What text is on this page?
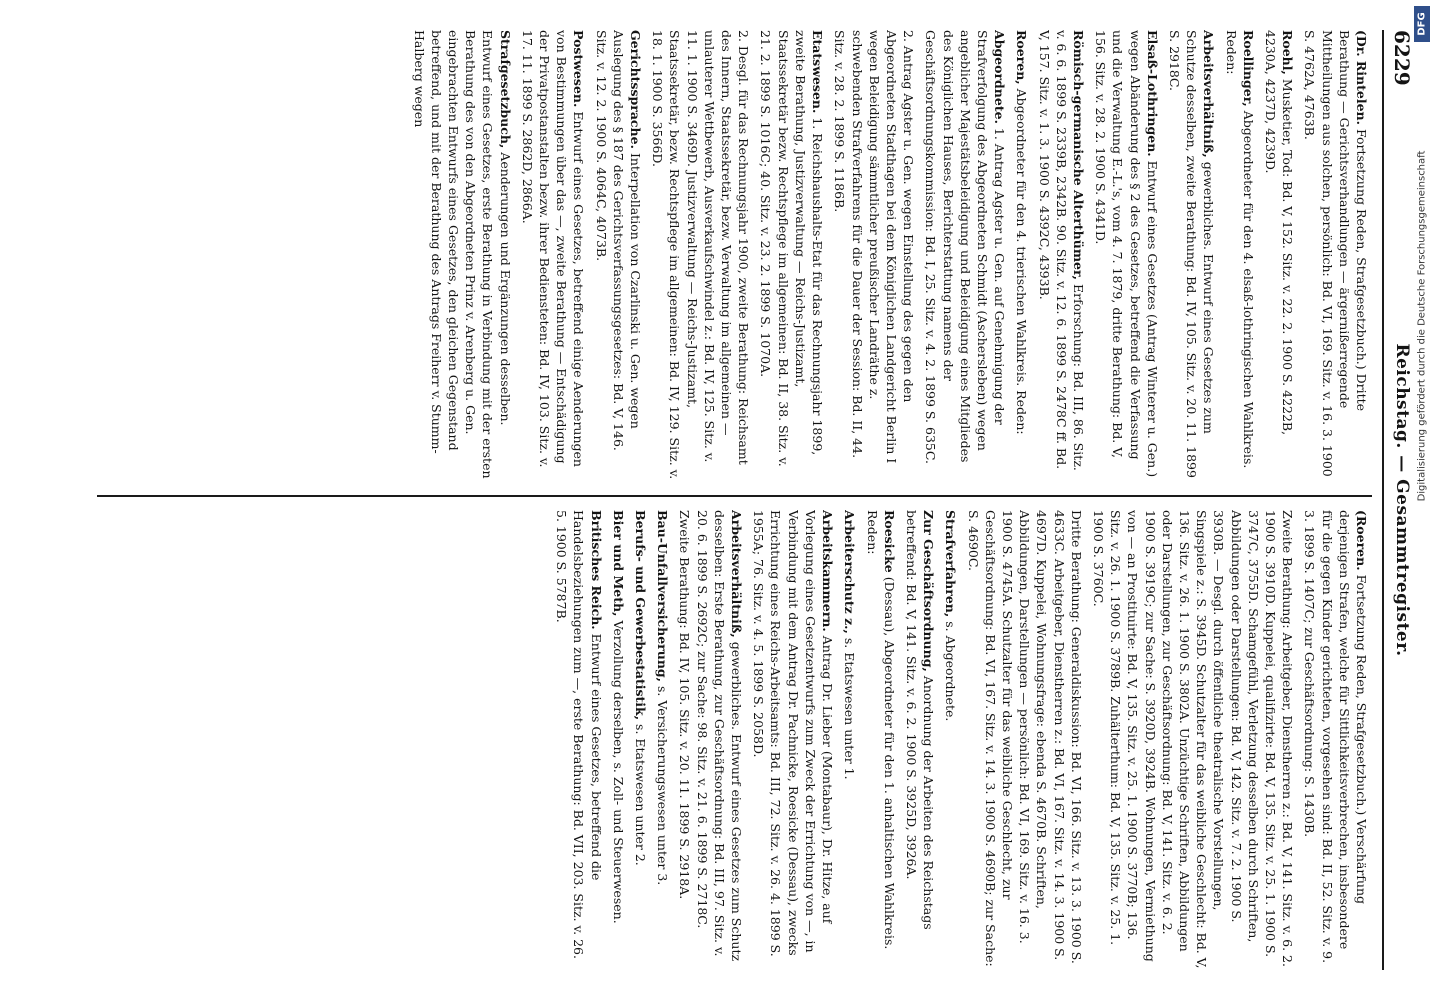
6229
Reichstag. — Gesammtregister.
(Dr. Rintelen. Fortsetzung Reden, Strafgesetzbuch.) Dritte Berathung — Gerichtsverhandlungen — ärgernißerregende Mittheilungen aus solchen, persönlich: Bd. VI, 169. Sitz. v. 16. 3. 1900 S. 4762A, 4763B.
Roehl, Musketier, Tod: Bd. V, 152. Sitz. v. 22. 2. 1900 S. 4222B, 4230A, 4237D, 4239D.
Roellinger, Abgeordneter für den 4. elsaß-lothringischen Wahlkreis. Reden:
Arbeitsverhältniß, gewerbliches. Entwurf eines Gesetzes zum Schutze desselben, zweite Berathung: Bd. IV, 105. Sitz. v. 20. 11. 1899 S. 2918C.
Elsaß-Lothringen. Entwurf eines Gesetzes (Antrag Winterer u. Gen.) wegen Abänderung des § 2 des Gesetzes, betreffend die Verfassung und die Verwaltung E.-L.'s, vom 4. 7. 1879, dritte Berathung: Bd. V, 156. Sitz. v. 28. 2. 1900 S. 4341D.
Römisch-germanische Alterthümer, Erforschung: Bd. III, 86. Sitz. v. 6. 6. 1899 S. 2339B, 2342B. 90. Sitz. v. 12. 6. 1899 S. 2478C ff. Bd. V, 157. Sitz. v. 1. 3. 1900 S. 4392C, 4393B.
Roeren, Abgeordneter für den 4. trierischen Wahlkreis. Reden:
Abgeordnete. 1. Antrag Agster u. Gen. auf Genehmigung der Strafverfolgung des Abgeordneten Schmidt (Aschersleben) wegen angeblicher Majestätsbeleidigung und Beleidigung eines Mitgliedes des Königlichen Hauses, Berichterstattung namens der Geschäftsordnungskommission: Bd. I, 25. Sitz. v. 4. 2. 1899 S. 635C.
2. Antrag Agster u. Gen. wegen Einstellung des gegen den Abgeordneten Stadthagen bei dem Königlichen Landgericht Berlin I wegen Beleidigung sämmtlicher preußischer Landräthe z. schwebenden Strafverfahrens für die Dauer der Session: Bd. II, 44. Sitz. v. 28. 2. 1899 S. 1186B.
Etatswesen. 1. Reichshaushalts-Etat für das Rechnungsjahr 1899, zweite Berathung, Justizverwaltung — Reichs-Justizamt, Staatssekretär bezw. Rechtspflege im allgemeinen: Bd. II, 38. Sitz. v. 21. 2. 1899 S. 1016C; 40. Sitz. v. 23. 2. 1899 S. 1070A.
2. Desgl. für das Rechnungsjahr 1900, zweite Berathung: Reichsamt des Innern, Staatssekretär, bezw. Verwaltung im allgemeinen — unlauterer Wettbewerb, Ausverkaufschwindel z.: Bd. IV, 125. Sitz. v. 11. 1. 1900 S. 3469D. Justizverwaltung — Reichs-Justizamt, Staatssekretär, bezw. Rechtspflege im allgemeinen: Bd. IV, 129. Sitz. v. 18. 1. 1900 S. 3566D.
Gerichtssprache. Interpellation von Czarlinski u. Gen. wegen Auslegung des § 187 des Gerichtsverfassungsgesetzes: Bd. V, 146. Sitz. v. 12. 2. 1900 S. 4064C, 4073B.
Postwesen. Entwurf eines Gesetzes, betreffend einige Aenderungen von Bestimmungen über das —, zweite Berathung — Entschädigung der Privatpostanstalten bezw. ihrer Bediensteten: Bd. IV, 103. Sitz. v. 17. 11. 1899 S. 2862D, 2866A.
Strafgesetzbuch, Aenderungen und Ergänzungen desselben. Entwurf eines Gesetzes, erste Berathung in Verbindung mit der ersten Berathung des von den Abgeordneten Prinz v. Arenberg u. Gen. eingebrachten Entwurfs eines Gesetzes, den gleichen Gegenstand betreffend, und mit der Berathung des Antrags Freiherr v. Stumm-Halberg wegen
(Roeren. Fortsetzung Reden, Strafgesetzbuch.) Verschärfung derjenigen Strafen, welche für Sittlichkeitsverbrechen, insbesondere für die gegen Kinder gerichteten, vorgesehen sind: Bd. II, 52. Sitz. v. 9. 3. 1899 S. 1407C; zur Geschäftsordnung: S. 1430B.
Zweite Berathung: Arbeitgeber, Dienstherren z.: Bd. V, 141. Sitz. v. 6. 2. 1900 S. 3910D. Kuppelei, qualifizirte: Bd. V, 135. Sitz. v. 25. 1. 1900 S. 3747C, 3755D. Schamgefühl, Verletzung desselben durch Schriften, Abbildungen oder Darstellungen: Bd. V, 142. Sitz. v. 7. 2. 1900 S. 3930B. — Desgl. durch öffentliche theatralische Vorstellungen, Singspiele z.: S. 3945D. Schutzalter für das weibliche Geschlecht: Bd. V, 136. Sitz. v. 26. 1. 1900 S. 3802A. Unzüchtige Schriften, Abbildungen oder Darstellungen, zur Geschäftsordnung: Bd. V, 141. Sitz. v. 6. 2. 1900 S. 3919C; zur Sache: S. 3920D, 3924B. Wohnungen, Vermiethung von — an Prostituirte: Bd. V, 135. Sitz. v. 25. 1. 1900 S. 3770B; 136. Sitz. v. 26. 1. 1900 S. 3789B. Zuhälterthum: Bd. V, 135. Sitz. v. 25. 1. 1900 S. 3760C.
Dritte Berathung: Generaldiskussion: Bd. VI, 166. Sitz. v. 13. 3. 1900 S. 4633C. Arbeitgeber, Dienstherren z.: Bd. VI, 167. Sitz. v. 14. 3. 1900 S. 4697D. Kuppelei, Wohnungsfrage: ebenda S. 4670B. Schriften, Abbildungen, Darstellungen — persönlich: Bd. VI, 169. Sitz. v. 16. 3. 1900 S. 4745A. Schutzalter für das weibliche Geschlecht, zur Geschäftsordnung: Bd. VI, 167. Sitz. v. 14. 3. 1900 S. 4690B; zur Sache: S. 4690C.
Strafverfahren, s. Abgeordnete.
Zur Geschäftsordnung, Anordnung der Arbeiten des Reichstags betreffend: Bd. V, 141. Sitz. v. 6. 2. 1900 S. 3925D, 3926A.
Roesicke (Dessau), Abgeordneter für den 1. anhaltischen Wahlkreis. Reden:
Arbeiterschutz z., s. Etatswesen unter 1.
Arbeitskammern. Antrag Dr. Lieber (Montabaur), Dr. Hitze, auf Vorlegung eines Gesetzentwurfs zum Zweck der Errichtung von —, in Verbindung mit dem Antrag Dr. Pachnicke, Roesicke (Dessau), zwecks Errichtung eines Reichs-Arbeitsamts: Bd. III, 72. Sitz. v. 26. 4. 1899 S. 1955A; 76. Sitz. v. 4. 5. 1899 S. 2058D.
Arbeitsverhältniß, gewerbliches. Entwurf eines Gesetzes zum Schutz desselben: Erste Berathung, zur Geschäftsordnung: Bd. III, 97. Sitz. v. 20. 6. 1899 S. 2692C; zur Sache: 98. Sitz. v. 21. 6. 1899 S. 2718C. Zweite Berathung: Bd. IV, 105. Sitz. v. 20. 11. 1899 S. 2918A.
Bau-Unfallversicherung, s. Versicherungswesen unter 3.
Berufs- und Gewerbestatistik, s. Etatswesen unter 2.
Bier und Meth, Verzollung derselben, s. Zoll- und Steuerwesen.
Britisches Reich. Entwurf eines Gesetzes, betreffend die Handelsbeziehungen zum —, erste Berathung: Bd. VII, 203. Sitz. v. 26. 5. 1900 S. 5787B.
DFG
Digitalisierung gefördert durch die Deutsche Forschungsgemeinschaft
